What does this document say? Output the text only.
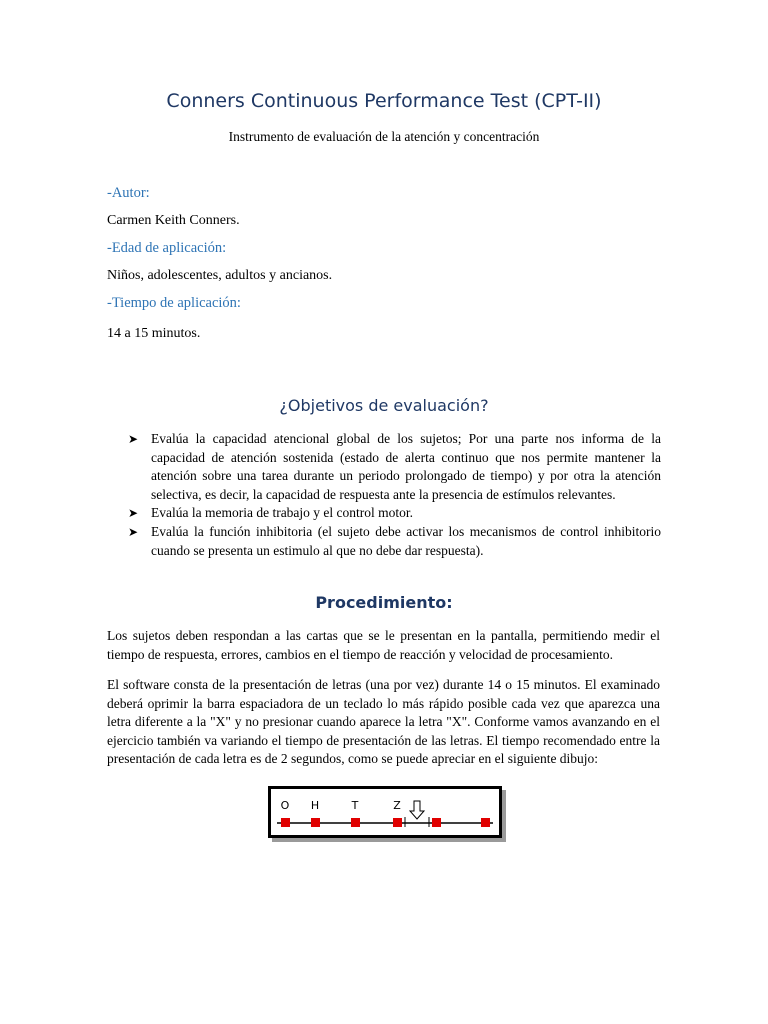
Conners Continuous Performance Test (CPT-II)

Instrumento de evaluación de la atención y concentración

-Autor:

Carmen Keith Conners.

-Edad de aplicación:

Niños, adolescentes, adultos y ancianos.

-Tiempo de aplicación:

14 a 15 minutos.

¿Objetivos de evaluación?
➤ Evalúa la capacidad atencional global de los sujetos; Por una parte nos informa de la capacidad de atención sostenida (estado de alerta continuo que nos permite mantener la atención sobre una tarea durante un periodo prolongado de tiempo) y por otra la atención selectiva, es decir, la capacidad de respuesta ante la presencia de estímulos relevantes.
➤ Evalúa la memoria de trabajo y el control motor.
➤ Evalúa la función inhibitoria (el sujeto debe activar los mecanismos de control inhibitorio cuando se presenta un estimulo al que no debe dar respuesta).
Procedimiento:

Los sujetos deben respondan a las cartas que se le presentan en la pantalla, permitiendo medir el tiempo de respuesta, errores, cambios en el tiempo de reacción y velocidad de procesamiento.

El software consta de la presentación de letras (una por vez) durante 14 o 15 minutos. El examinado deberá oprimir la barra espaciadora de un teclado lo más rápido posible cada vez que aparezca una letra diferente a la "X" y no presionar cuando aparece la letra "X". Conforme vamos avanzando en el ejercicio también va variando el tiempo de presentación de las letras. El tiempo recomendado entre la presentación de cada letra es de 2 segundos, como se puede apreciar en el siguiente dibujo:

O H	T	Z
